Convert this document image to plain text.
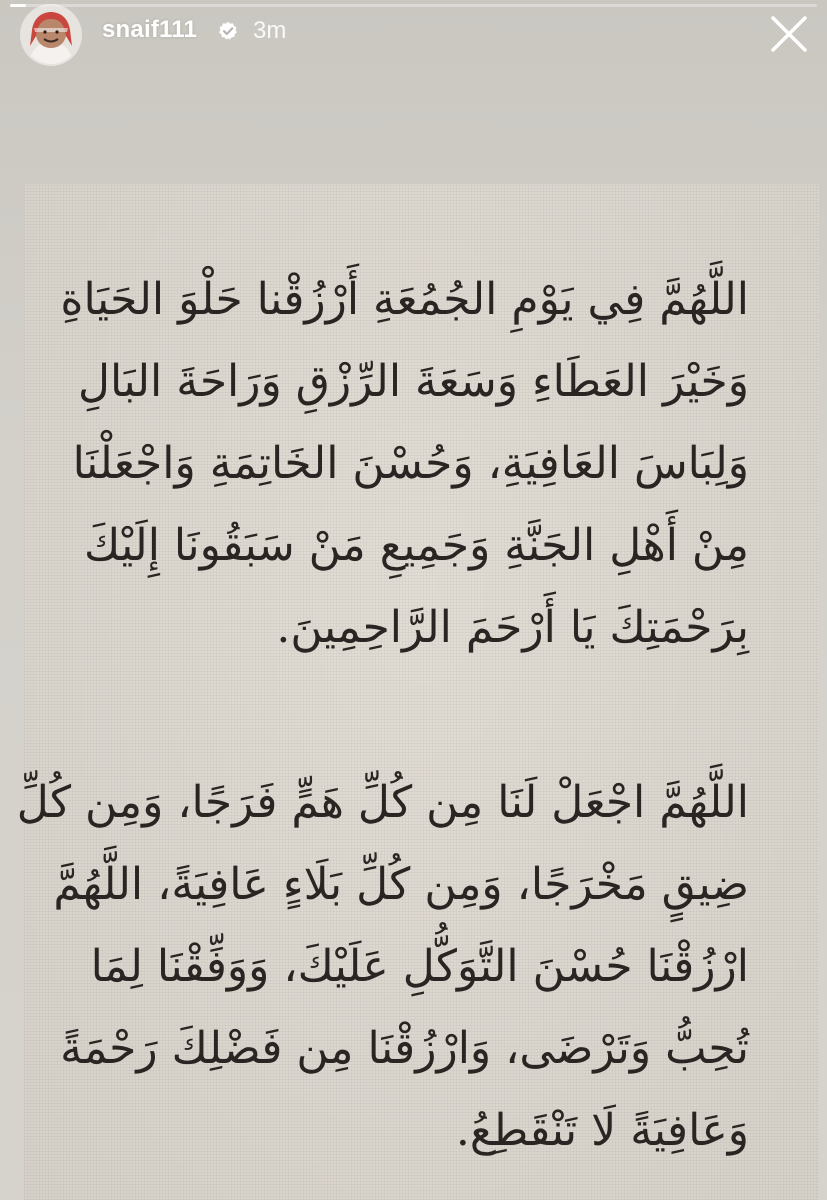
snaif111 3m
اللَّهُمَّ فِي يَوْمِ الجُمُعَةِ أَرْزُقْنا حَلْوَ الحَيَاةِ
وَخَيْرَ العَطَاءِ وَسَعَةَ الرِّزْقِ وَرَاحَةَ البَالِ
وَلِبَاسَ العَافِيَةِ، وَحُسْنَ الخَاتِمَةِ وَاجْعَلْنَا
مِنْ أَهْلِ الجَنَّةِ وَجَمِيعِ مَنْ سَبَقُونَا إِلَيْكَ
بِرَحْمَتِكَ يَا أَرْحَمَ الرَّاحِمِينَ.
اللَّهُمَّ اجْعَلْ لَنَا مِن كُلِّ هَمٍّ فَرَجًا، وَمِن كُلِّ
ضِيقٍ مَخْرَجًا، وَمِن كُلِّ بَلَاءٍ عَافِيَةً، اللَّهُمَّ
ارْزُقْنَا حُسْنَ التَّوَكُّلِ عَلَيْكَ، وَوَفِّقْنَا لِمَا
تُحِبُّ وَتَرْضَى، وَارْزُقْنَا مِن فَضْلِكَ رَحْمَةً
وَعَافِيَةً لَا تَنْقَطِعُ.
